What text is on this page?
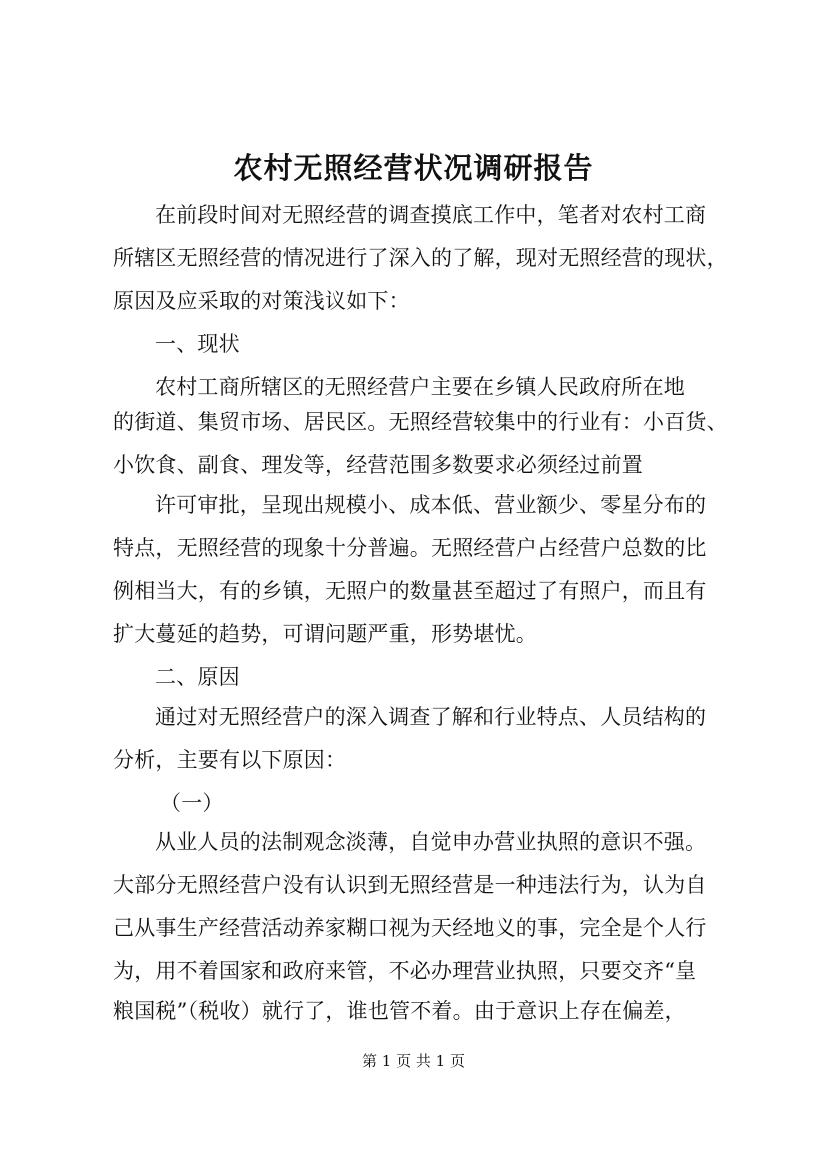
农村无照经营状况调研报告
在前段时间对无照经营的调查摸底工作中，笔者对农村工商
所辖区无照经营的情况进行了深入的了解，现对无照经营的现状，
原因及应采取的对策浅议如下：
一、现状
农村工商所辖区的无照经营户主要在乡镇人民政府所在地
的街道、集贸市场、居民区。无照经营较集中的行业有：小百货、
小饮食、副食、理发等，经营范围多数要求必须经过前置
许可审批，呈现出规模小、成本低、营业额少、零星分布的
特点，无照经营的现象十分普遍。无照经营户占经营户总数的比
例相当大，有的乡镇，无照户的数量甚至超过了有照户，而且有
扩大蔓延的趋势，可谓问题严重，形势堪忧。
二、原因
通过对无照经营户的深入调查了解和行业特点、人员结构的
分析，主要有以下原因：
（一）
从业人员的法制观念淡薄，自觉申办营业执照的意识不强。
大部分无照经营户没有认识到无照经营是一种违法行为，认为自
己从事生产经营活动养家糊口视为天经地义的事，完全是个人行
为，用不着国家和政府来管，不必办理营业执照，只要交齐“皇
粮国税”（税收）就行了，谁也管不着。由于意识上存在偏差，
第 1 页 共 1 页
